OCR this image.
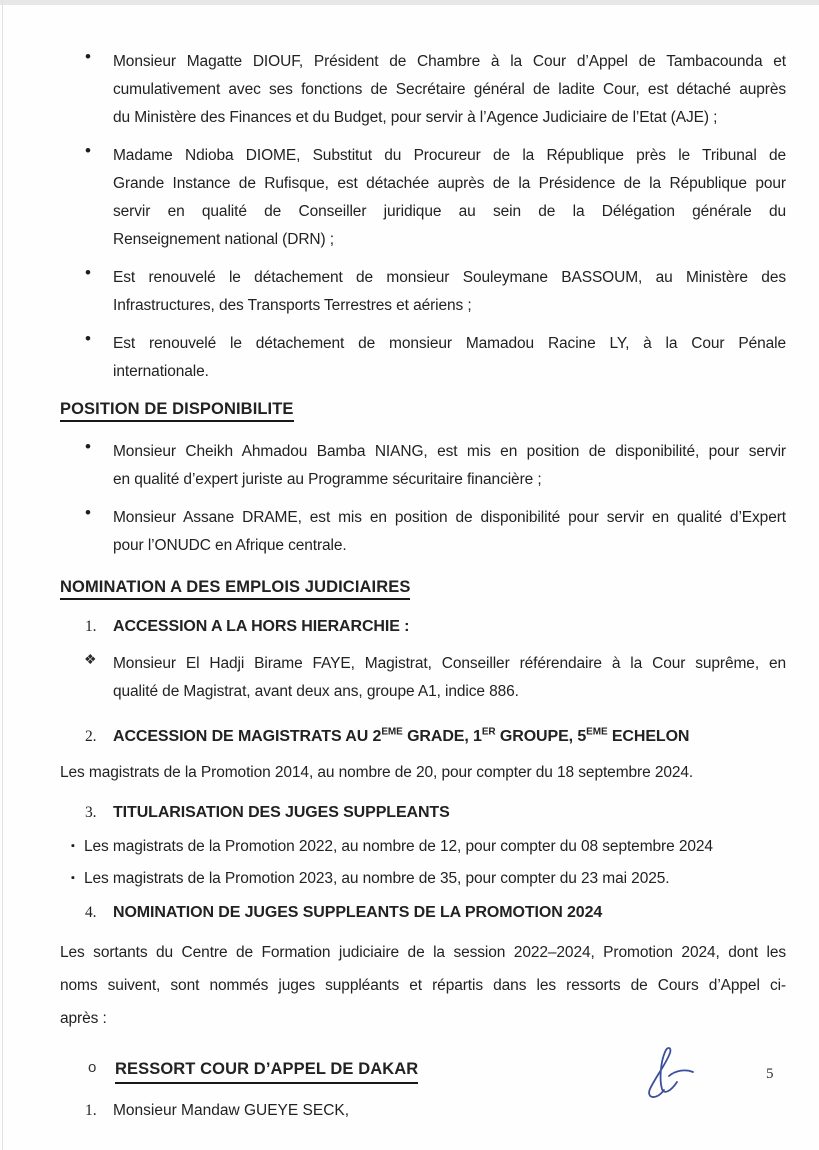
• Monsieur Magatte DIOUF, Président de Chambre à la Cour d’Appel de Tambacounda et
cumulativement avec ses fonctions de Secrétaire général de ladite Cour, est détaché auprès
du Ministère des Finances et du Budget, pour servir à l’Agence Judiciaire de l’Etat (AJE) ;
• Madame Ndioba DIOME, Substitut du Procureur de la République près le Tribunal de
Grande Instance de Rufisque, est détachée auprès de la Présidence de la République pour
servir en qualité de Conseiller juridique au sein de la Délégation générale du
Renseignement national (DRN) ;
• Est renouvelé le détachement de monsieur Souleymane BASSOUM, au Ministère des
Infrastructures, des Transports Terrestres et aériens ;
• Est renouvelé le détachement de monsieur Mamadou Racine LY, à la Cour Pénale
internationale.
POSITION DE DISPONIBILITE
• Monsieur Cheikh Ahmadou Bamba NIANG, est mis en position de disponibilité, pour servir
en qualité d’expert juriste au Programme sécuritaire financière ;
• Monsieur Assane DRAME, est mis en position de disponibilité pour servir en qualité d’Expert
pour l’ONUDC en Afrique centrale.
NOMINATION A DES EMPLOIS JUDICIAIRES
1. ACCESSION A LA HORS HIERARCHIE :
❖ Monsieur El Hadji Birame FAYE, Magistrat, Conseiller référendaire à la Cour suprême, en
qualité de Magistrat, avant deux ans, groupe A1, indice 886.
2. ACCESSION DE MAGISTRATS AU 2EME GRADE, 1ER GROUPE, 5EME ECHELON
Les magistrats de la Promotion 2014, au nombre de 20, pour compter du 18 septembre 2024.
3. TITULARISATION DES JUGES SUPPLEANTS
▪ Les magistrats de la Promotion 2022, au nombre de 12, pour compter du 08 septembre 2024
▪ Les magistrats de la Promotion 2023, au nombre de 35, pour compter du 23 mai 2025.
4. NOMINATION DE JUGES SUPPLEANTS DE LA PROMOTION 2024
Les sortants du Centre de Formation judiciaire de la session 2022–2024, Promotion 2024, dont les
noms suivent, sont nommés juges suppléants et répartis dans les ressorts de Cours d’Appel ci-
après :
o RESSORT COUR D’APPEL DE DAKAR
1. Monsieur Mandaw GUEYE SECK,
5
